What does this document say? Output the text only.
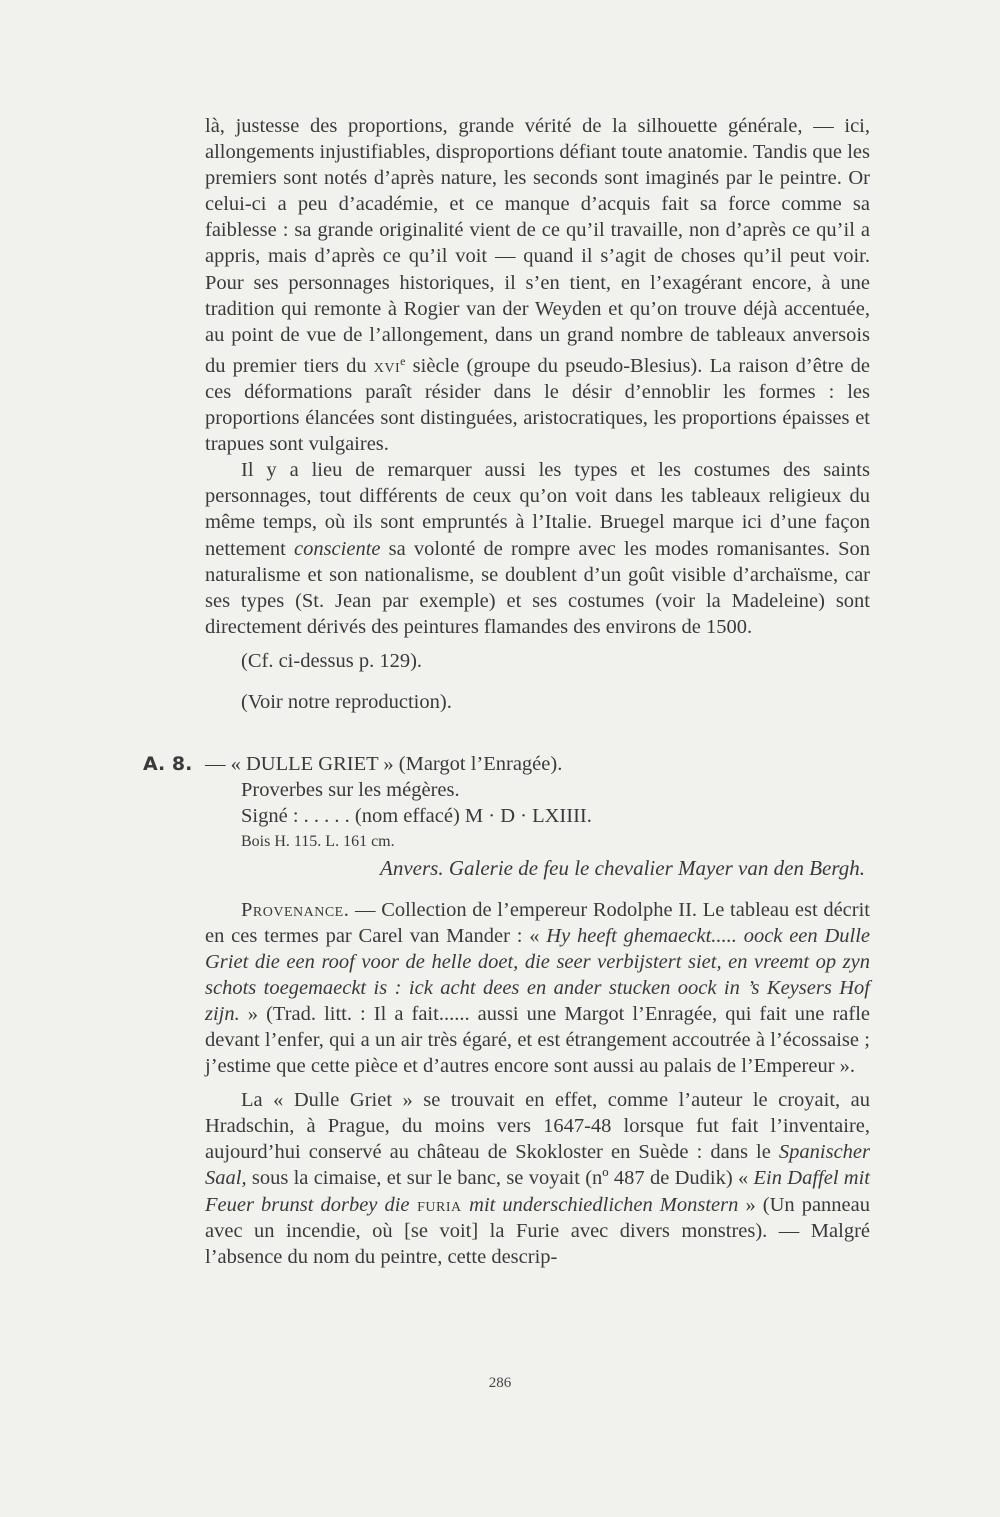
là, justesse des proportions, grande vérité de la silhouette générale, — ici, allongements injustifiables, disproportions défiant toute anatomie. Tandis que les premiers sont notés d’après nature, les seconds sont imaginés par le peintre. Or celui-ci a peu d’académie, et ce manque d’acquis fait sa force comme sa faiblesse : sa grande originalité vient de ce qu’il travaille, non d’après ce qu’il a appris, mais d’après ce qu’il voit — quand il s’agit de choses qu’il peut voir. Pour ses personnages historiques, il s’en tient, en l’exagérant encore, à une tradition qui remonte à Rogier van der Weyden et qu’on trouve déjà accentuée, au point de vue de l’allongement, dans un grand nombre de tableaux anversois du premier tiers du xvi$^e$ siècle (groupe du pseudo-Blesius). La raison d’être de ces déformations paraît résider dans le désir d’ennoblir les formes : les proportions élancées sont distinguées, aristocratiques, les proportions épaisses et trapues sont vulgaires.

Il y a lieu de remarquer aussi les types et les costumes des saints personnages, tout différents de ceux qu’on voit dans les tableaux religieux du même temps, où ils sont empruntés à l’Italie. Bruegel marque ici d’une façon nettement consciente sa volonté de rompre avec les modes romanisantes. Son naturalisme et son nationalisme, se doublent d’un goût visible d’archaïsme, car ses types (St. Jean par exemple) et ses costumes (voir la Madeleine) sont directement dérivés des peintures flamandes des environs de 1500.

(Cf. ci-dessus p. 129).

(Voir notre reproduction).

A. 8. — « DULLE GRIET » (Margot l’Enragée).

Proverbes sur les mégères.

Signé : . . . . . (nom effacé) M · D · LXIIII.

Bois H. 115. L. 161 cm.

Anvers. Galerie de feu le chevalier Mayer van den Bergh.

Provenance. — Collection de l’empereur Rodolphe II. Le tableau est décrit en ces termes par Carel van Mander : « Hy heeft ghemaeckt..... oock een Dulle Griet die een roof voor de helle doet, die seer verbijstert siet, en vreemt op zyn schots toegemaeckt is : ick acht dees en ander stucken oock in ’s Keysers Hof zijn. » (Trad. litt. : Il a fait...... aussi une Margot l’Enragée, qui fait une rafle devant l’enfer, qui a un air très égaré, et est étrangement accoutrée à l’écossaise ; j’estime que cette pièce et d’autres encore sont aussi au palais de l’Empereur ».

La « Dulle Griet » se trouvait en effet, comme l’auteur le croyait, au Hradschin, à Prague, du moins vers 1647-48 lorsque fut fait l’inventaire, aujourd’hui conservé au château de Skokloster en Suède : dans le Spanischer Saal, sous la cimaise, et sur le banc, se voyait (nº 487 de Dudik) « Ein Daffel mit Feuer brunst dorbey die furia mit underschiedlichen Monstern » (Un panneau avec un incendie, où [se voit] la Furie avec divers monstres). — Malgré l’absence du nom du peintre, cette descrip-

286
